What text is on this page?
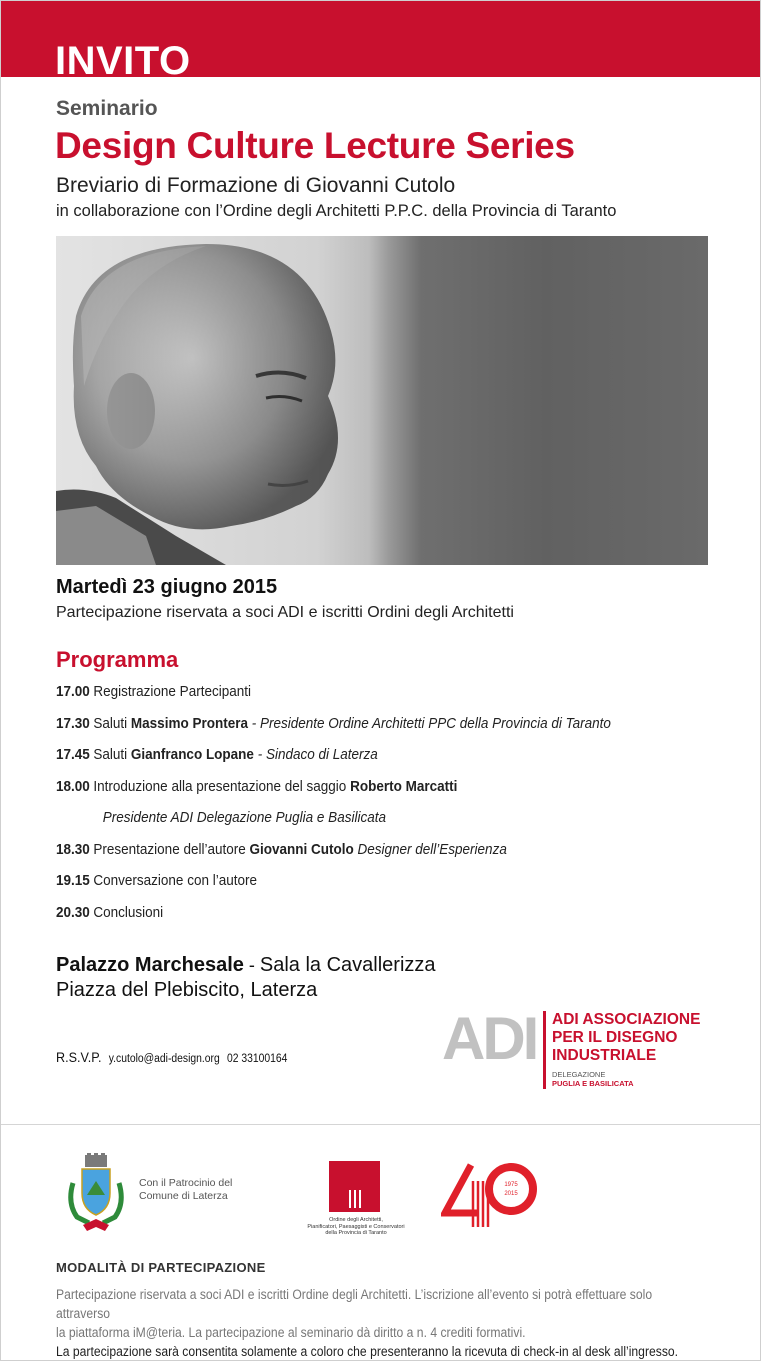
INVITO
Seminario
Design Culture Lecture Series
Breviario di Formazione di Giovanni Cutolo
in collaborazione con l’Ordine degli Architetti P.P.C. della Provincia di Taranto
Martedì 23 giugno 2015
Partecipazione riservata a soci ADI e iscritti Ordini degli Architetti
Programma
17.00 Registrazione Partecipanti
17.30 Saluti Massimo Prontera - Presidente Ordine Architetti PPC della Provincia di Taranto
17.45 Saluti Gianfranco Lopane - Sindaco di Laterza
18.00 Introduzione alla presentazione del saggio Roberto Marcatti
Presidente ADI Delegazione Puglia e Basilicata
18.30 Presentazione dell’autore Giovanni Cutolo Designer dell’Esperienza
19.15 Conversazione con l’autore
20.30 Conclusioni
Palazzo Marchesale - Sala la Cavallerizza
Piazza del Plebiscito, Laterza
R.S.V.P. y.cutolo@adi-design.org 02 33100164	ADI ADI ASSOCIAZIONE
PER IL DISEGNO
INDUSTRIALE
DELEGAZIONE
PUGLIA E BASILICATA
Con il Patrocinio del
Comune di Laterza
Ordine degli Architetti,
Pianificatori, Paesaggisti e Conservatori
della Provincia di Taranto
1975
2015
MODALITÀ DI PARTECIPAZIONE
Partecipazione riservata a soci ADI e iscritti Ordine degli Architetti. L’iscrizione all’evento si potrà effettuare solo attraverso
la piattaforma iM@teria. La partecipazione al seminario dà diritto a n. 4 crediti formativi.
La partecipazione sarà consentita solamente a coloro che presenteranno la ricevuta di check-in al desk all’ingresso.
